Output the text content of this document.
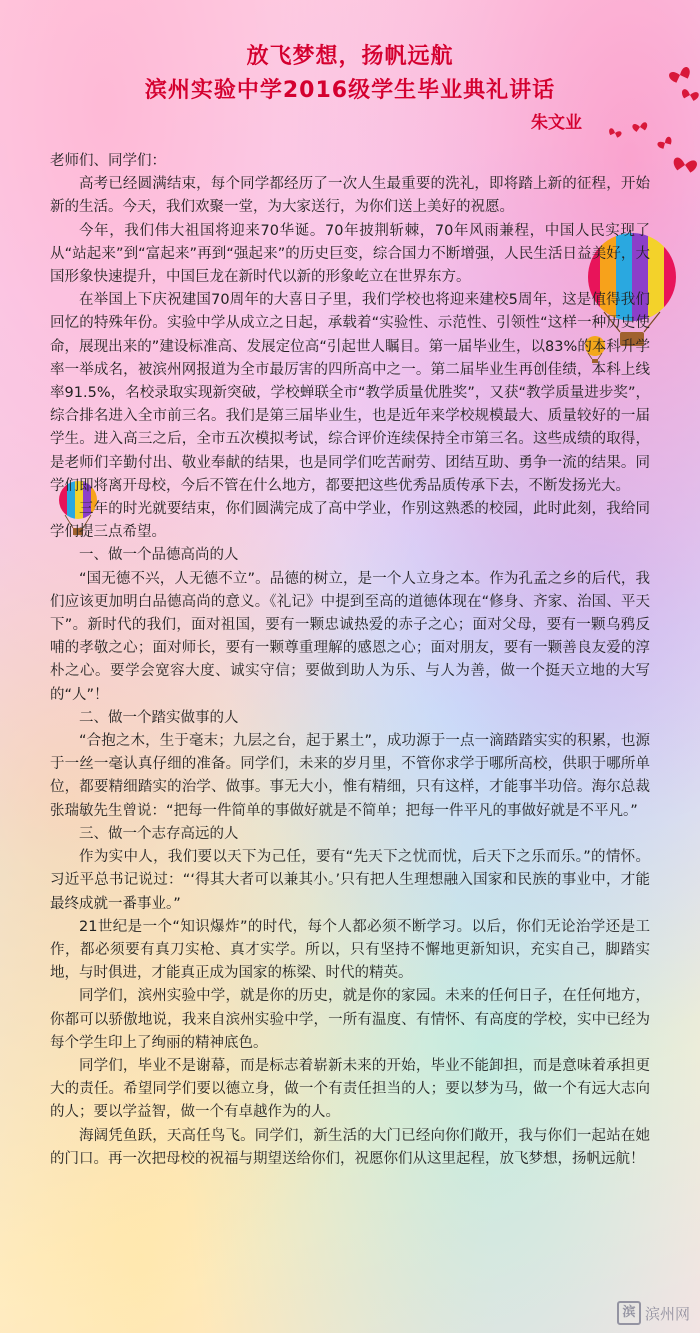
放飞梦想，扬帆远航
滨州实验中学2016级学生毕业典礼讲话
朱文业

老师们、同学们：

高考已经圆满结束，每个同学都经历了一次人生最重要的洗礼，即将踏上新的征程，开始新的生活。今天，我们欢聚一堂，为大家送行，为你们送上美好的祝愿。

今年，我们伟大祖国将迎来70华诞。70年披荆斩棘，70年风雨兼程，中国人民实现了从“站起来”到“富起来”再到“强起来”的历史巨变，综合国力不断增强，人民生活日益美好，大国形象快速提升，中国巨龙在新时代以新的形象屹立在世界东方。

在举国上下庆祝建国70周年的大喜日子里，我们学校也将迎来建校5周年，这是值得我们回忆的特殊年份。实验中学从成立之日起，承载着“实验性、示范性、引领性“这样一种历史使命，展现出来的”建设标准高、发展定位高“引起世人瞩目。第一届毕业生，以83%的本科升学率一举成名，被滨州网报道为全市最厉害的四所高中之一。第二届毕业生再创佳绩，本科上线率91.5%，名校录取实现新突破，学校蝉联全市“教学质量优胜奖”，又获“教学质量进步奖”，综合排名进入全市前三名。我们是第三届毕业生，也是近年来学校规模最大、质量较好的一届学生。进入高三之后，全市五次模拟考试，综合评价连续保持全市第三名。这些成绩的取得，是老师们辛勤付出、敬业奉献的结果，也是同学们吃苦耐劳、团结互助、勇争一流的结果。同学们即将离开母校，今后不管在什么地方，都要把这些优秀品质传承下去，不断发扬光大。

三年的时光就要结束，你们圆满完成了高中学业，作别这熟悉的校园，此时此刻，我给同学们提三点希望。

一、做一个品德高尚的人

“国无德不兴，人无德不立”。品德的树立，是一个人立身之本。作为孔孟之乡的后代，我们应该更加明白品德高尚的意义。《礼记》中提到至高的道德体现在“修身、齐家、治国、平天下”。新时代的我们，面对祖国，要有一颗忠诚热爱的赤子之心；面对父母，要有一颗乌鸦反哺的孝敬之心；面对师长，要有一颗尊重理解的感恩之心；面对朋友，要有一颗善良友爱的淳朴之心。要学会宽容大度、诚实守信；要做到助人为乐、与人为善，做一个挺天立地的大写的“人”！

二、做一个踏实做事的人

“合抱之木，生于毫末；九层之台，起于累土”，成功源于一点一滴踏踏实实的积累，也源于一丝一毫认真仔细的准备。同学们，未来的岁月里，不管你求学于哪所高校，供职于哪所单位，都要精细踏实的治学、做事。事无大小，惟有精细，只有这样，才能事半功倍。海尔总裁张瑞敏先生曾说：“把每一件简单的事做好就是不简单；把每一件平凡的事做好就是不平凡。”

三、做一个志存高远的人

作为实中人，我们要以天下为己任，要有“先天下之忧而忧，后天下之乐而乐。”的情怀。习近平总书记说过：“‘得其大者可以兼其小。’只有把人生理想融入国家和民族的事业中，才能最终成就一番事业。”

21世纪是一个“知识爆炸”的时代，每个人都必须不断学习。以后，你们无论治学还是工作，都必须要有真刀实枪、真才实学。所以，只有坚持不懈地更新知识，充实自己，脚踏实地，与时俱进，才能真正成为国家的栋梁、时代的精英。

同学们，滨州实验中学，就是你的历史，就是你的家园。未来的任何日子，在任何地方，你都可以骄傲地说，我来自滨州实验中学，一所有温度、有情怀、有高度的学校，实中已经为每个学生印上了绚丽的精神底色。

同学们，毕业不是谢幕，而是标志着崭新未来的开始，毕业不能卸担，而是意味着承担更大的责任。希望同学们要以德立身，做一个有责任担当的人；要以梦为马，做一个有远大志向的人；要以学益智，做一个有卓越作为的人。

海阔凭鱼跃，天高任鸟飞。同学们，新生活的大门已经向你们敞开，我与你们一起站在她的门口。再一次把母校的祝福与期望送给你们，祝愿你们从这里起程，放飞梦想，扬帆远航！

滨 滨州网
